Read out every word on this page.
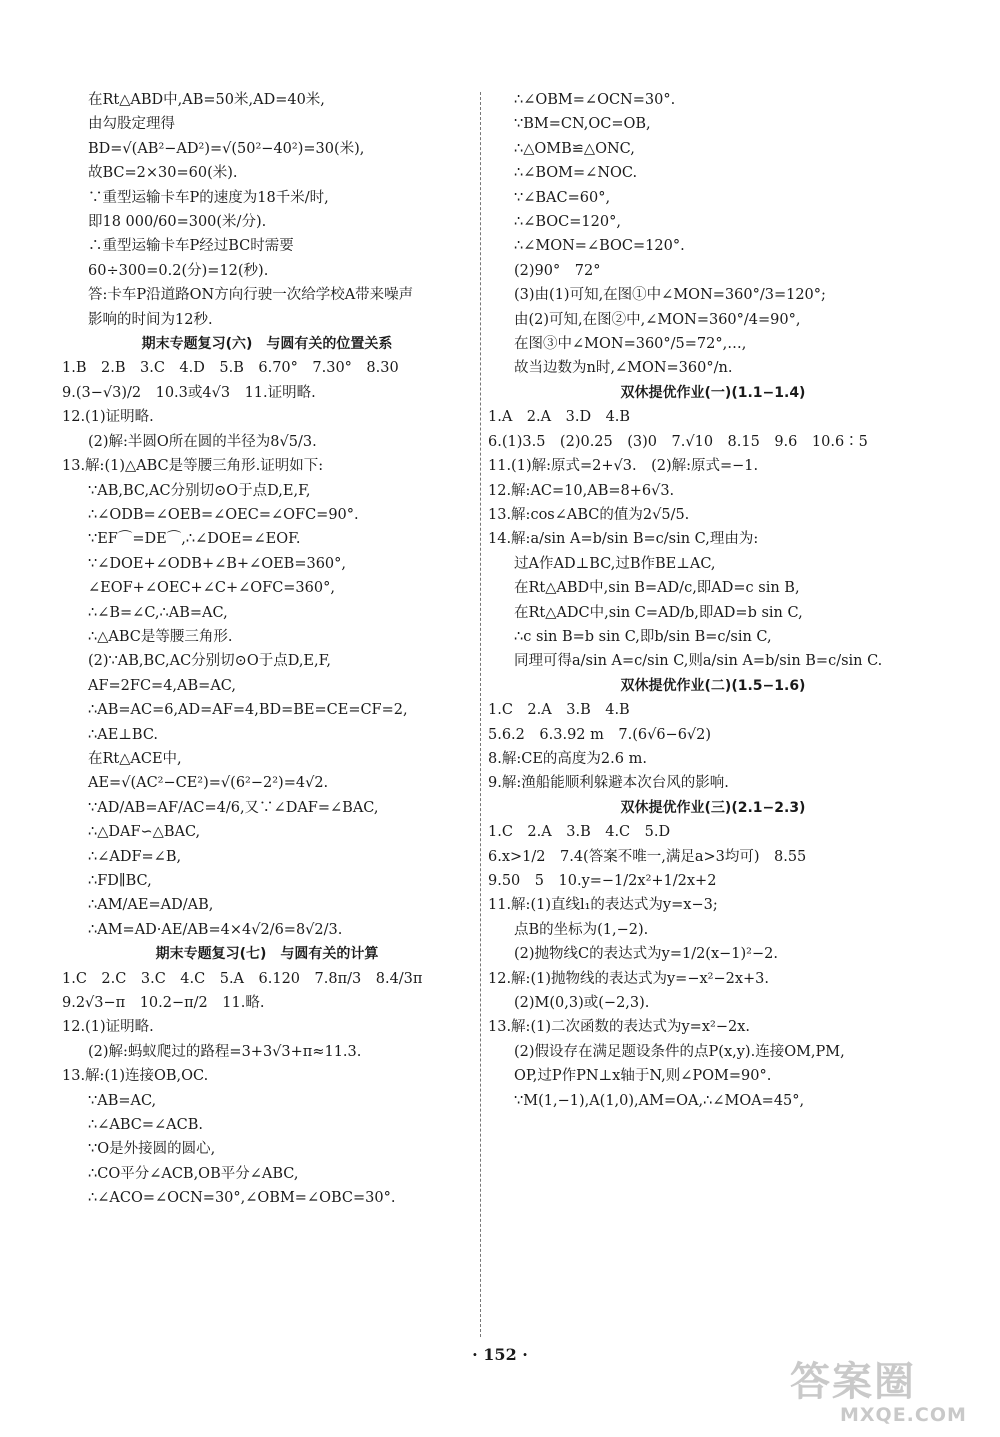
在Rt△ABD中,AB=50米,AD=40米,
由勾股定理得
BD=√(AB²−AD²)=√(50²−40²)=30(米),
故BC=2×30=60(米).
∵重型运输卡车P的速度为18千米/时,
即18 000/60=300(米/分).
∴重型运输卡车P经过BC时需要
60÷300=0.2(分)=12(秒).
答:卡车P沿道路ON方向行驶一次给学校A带来噪声
影响的时间为12秒.
期末专题复习(六)　与圆有关的位置关系
1.B　2.B　3.C　4.D　5.B　6.70°　7.30°　8.30
9.(3−√3)/2　10.3或4√3　11.证明略.
12.(1)证明略.
(2)解:半圆O所在圆的半径为8√5/3.
13.解:(1)△ABC是等腰三角形.证明如下:
∵AB,BC,AC分别切⊙O于点D,E,F,
∴∠ODB=∠OEB=∠OEC=∠OFC=90°.
∵EF⌒=DE⌒,∴∠DOE=∠EOF.
∵∠DOE+∠ODB+∠B+∠OEB=360°,
∠EOF+∠OEC+∠C+∠OFC=360°,
∴∠B=∠C,∴AB=AC,
∴△ABC是等腰三角形.
(2)∵AB,BC,AC分别切⊙O于点D,E,F,
AF=2FC=4,AB=AC,
∴AB=AC=6,AD=AF=4,BD=BE=CE=CF=2,
∴AE⊥BC.
在Rt△ACE中,
AE=√(AC²−CE²)=√(6²−2²)=4√2.
∵AD/AB=AF/AC=4/6,又∵∠DAF=∠BAC,
∴△DAF∽△BAC,
∴∠ADF=∠B,
∴FD∥BC,
∴AM/AE=AD/AB,
∴AM=AD·AE/AB=4×4√2/6=8√2/3.
期末专题复习(七)　与圆有关的计算
1.C　2.C　3.C　4.C　5.A　6.120　7.8π/3　8.4/3π
9.2√3−π　10.2−π/2　11.略.
12.(1)证明略.
(2)解:蚂蚁爬过的路程=3+3√3+π≈11.3.
13.解:(1)连接OB,OC.
∵AB=AC,
∴∠ABC=∠ACB.
∵O是外接圆的圆心,
∴CO平分∠ACB,OB平分∠ABC,
∴∠ACO=∠OCN=30°,∠OBM=∠OBC=30°.
∴∠OBM=∠OCN=30°.
∵BM=CN,OC=OB,
∴△OMB≌△ONC,
∴∠BOM=∠NOC.
∵∠BAC=60°,
∴∠BOC=120°,
∴∠MON=∠BOC=120°.
(2)90°　72°
(3)由(1)可知,在图①中∠MON=360°/3=120°;
由(2)可知,在图②中,∠MON=360°/4=90°,
在图③中∠MON=360°/5=72°,…,
故当边数为n时,∠MON=360°/n.
双休提优作业(一)(1.1−1.4)
1.A　2.A　3.D　4.B
6.(1)3.5　(2)0.25　(3)0　7.√10　8.15　9.6　10.6∶5
11.(1)解:原式=2+√3.　(2)解:原式=−1.
12.解:AC=10,AB=8+6√3.
13.解:cos∠ABC的值为2√5/5.
14.解:a/sin A=b/sin B=c/sin C,理由为:
过A作AD⊥BC,过B作BE⊥AC,
在Rt△ABD中,sin B=AD/c,即AD=c sin B,
在Rt△ADC中,sin C=AD/b,即AD=b sin C,
∴c sin B=b sin C,即b/sin B=c/sin C,
同理可得a/sin A=c/sin C,则a/sin A=b/sin B=c/sin C.
双休提优作业(二)(1.5−1.6)
1.C　2.A　3.B　4.B
5.6.2　6.3.92 m　7.(6√6−6√2)
8.解:CE的高度为2.6 m.
9.解:渔船能顺利躲避本次台风的影响.
双休提优作业(三)(2.1−2.3)
1.C　2.A　3.B　4.C　5.D
6.x>1/2　7.4(答案不唯一,满足a>3均可)　8.55
9.50　5　10.y=−1/2x²+1/2x+2
11.解:(1)直线l₁的表达式为y=x−3;
点B的坐标为(1,−2).
(2)抛物线C的表达式为y=1/2(x−1)²−2.
12.解:(1)抛物线的表达式为y=−x²−2x+3.
(2)M(0,3)或(−2,3).
13.解:(1)二次函数的表达式为y=x²−2x.
(2)假设存在满足题设条件的点P(x,y).连接OM,PM,
OP,过P作PN⊥x轴于N,则∠POM=90°.
∵M(1,−1),A(1,0),AM=OA,∴∠MOA=45°,
· 152 ·
答案圈
MXQE.COM
